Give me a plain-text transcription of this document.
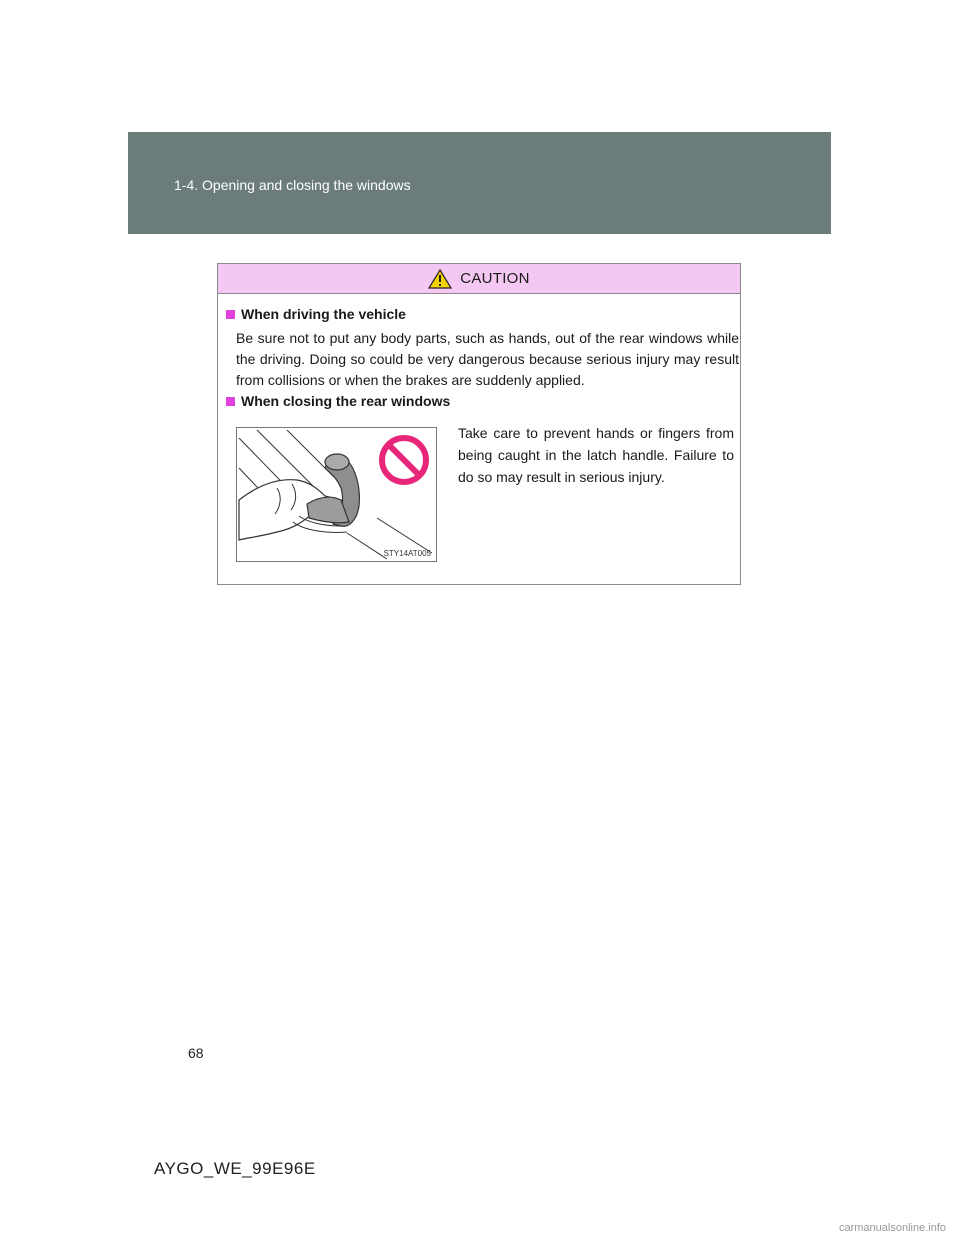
1-4. Opening and closing the windows
CAUTION
When driving the vehicle
Be sure not to put any body parts, such as hands, out of the rear windows while the driving. Doing so could be very dangerous because serious injury may result from collisions or when the brakes are suddenly applied.
When closing the rear windows
STY14AT005
Take care to prevent hands or fingers from being caught in the latch handle. Failure to do so may result in serious injury.
68
AYGO_WE_99E96E
carmanualsonline.info
